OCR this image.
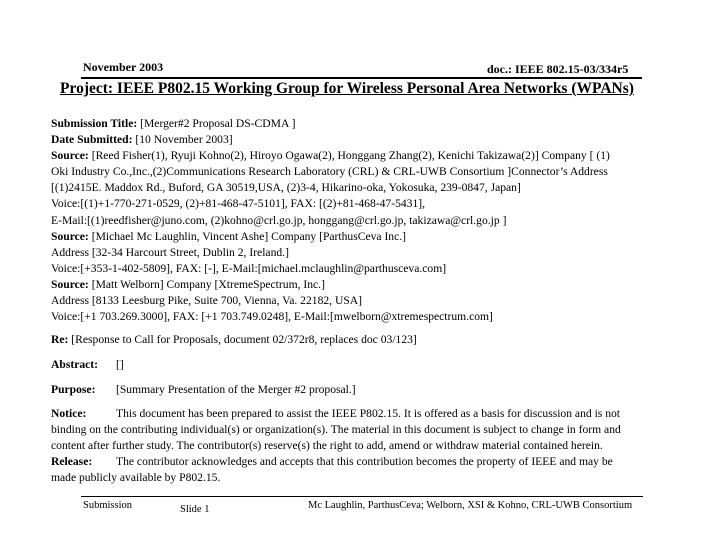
November 2003	doc.: IEEE 802.15-03/334r5
Project: IEEE P802.15 Working Group for Wireless Personal Area Networks (WPANs)

Submission Title: [Merger#2 Proposal DS-CDMA ]

Date Submitted: [10 November 2003]

Source: [Reed Fisher(1), Ryuji Kohno(2), Hiroyo Ogawa(2), Honggang Zhang(2), Kenichi Takizawa(2)] Company [ (1)

Oki Industry Co.,Inc.,(2)Communications Research Laboratory (CRL) & CRL-UWB Consortium ]Connector’s Address

[(1)2415E. Maddox Rd., Buford, GA 30519,USA, (2)3-4, Hikarino-oka, Yokosuka, 239-0847, Japan]

Voice:[(1)+1-770-271-0529, (2)+81-468-47-5101], FAX: [(2)+81-468-47-5431],

E-Mail:[(1)reedfisher@juno.com, (2)kohno@crl.go.jp, honggang@crl.go.jp, takizawa@crl.go.jp ]

Source: [Michael Mc Laughlin, Vincent Ashe] Company [ParthusCeva Inc.]

Address [32-34 Harcourt Street, Dublin 2, Ireland.]

Voice:[+353-1-402-5809], FAX: [-], E-Mail:[michael.mclaughlin@parthusceva.com]

Source: [Matt Welborn] Company [XtremeSpectrum, Inc.]

Address [8133 Leesburg Pike, Suite 700, Vienna, Va. 22182, USA]

Voice:[+1 703.269.3000], FAX: [+1 703.749.0248], E-Mail:[mwelborn@xtremespectrum.com]

Re: [Response to Call for Proposals, document 02/372r8, replaces doc 03/123]

Abstract: []

Purpose: [Summary Presentation of the Merger #2 proposal.]

Notice:	This document has been prepared to assist the IEEE P802.15. It is offered as a basis for discussion and is not

binding on the contributing individual(s) or organization(s). The material in this document is subject to change in form and

content after further study. The contributor(s) reserve(s) the right to add, amend or withdraw material contained herein.

Release: The contributor acknowledges and accepts that this contribution becomes the property of IEEE and may be

made publicly available by P802.15.

Submission	Slide 1	Mc Laughlin, ParthusCeva; Welborn, XSI & Kohno, CRL-UWB Consortium
